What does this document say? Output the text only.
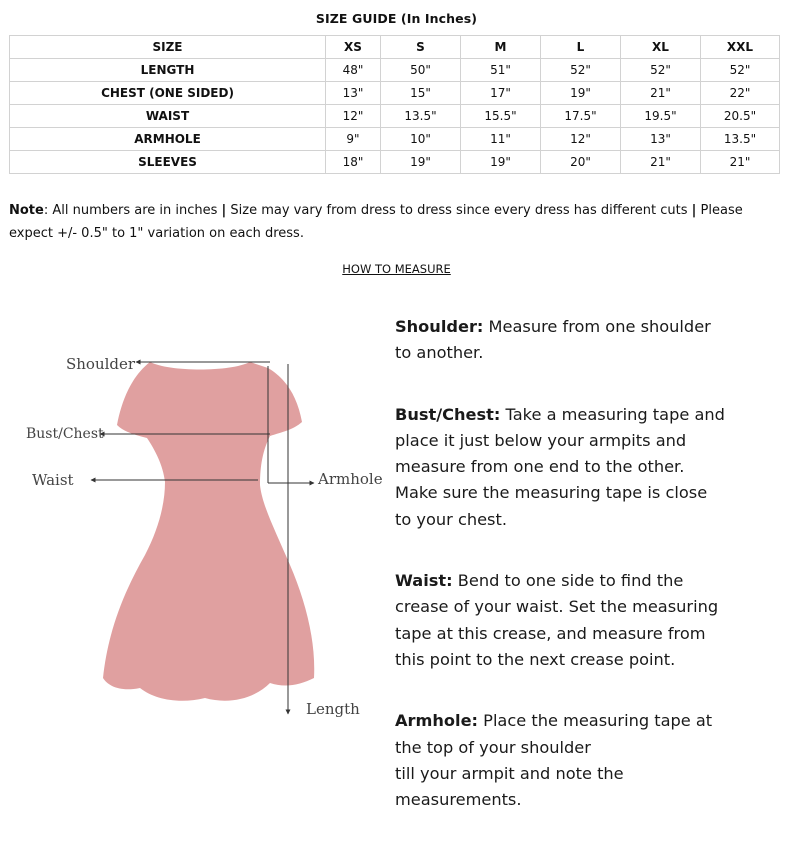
SIZE GUIDE (In Inches)
SIZE	XS	S	M	L	XL	XXL
LENGTH	48"	50"	51"	52"	52"	52"
CHEST (ONE SIDED)	13"	15"	17"	19"	21"	22"
WAIST	12"	13.5"	15.5"	17.5"	19.5"	20.5"
ARMHOLE	9"	10"	11"	12"	13"	13.5"
SLEEVES	18"	19"	19"	20"	21"	21"
Note: All numbers are in inches | Size may vary from dress to dress since every dress has different cuts | Please expect +/- 0.5" to 1" variation on each dress.
HOW TO MEASURE
Shoulder
Bust/Chest
Waist	Armhole
Length

Shoulder: Measure from one shoulder
to another.

Bust/Chest: Take a measuring tape and
place it just below your armpits and
measure from one end to the other.
Make sure the measuring tape is close
to your chest.

Waist: Bend to one side to find the
crease of your waist. Set the measuring
tape at this crease, and measure from
this point to the next crease point.

Armhole: Place the measuring tape at
the top of your shoulder
till your armpit and note the
measurements.
